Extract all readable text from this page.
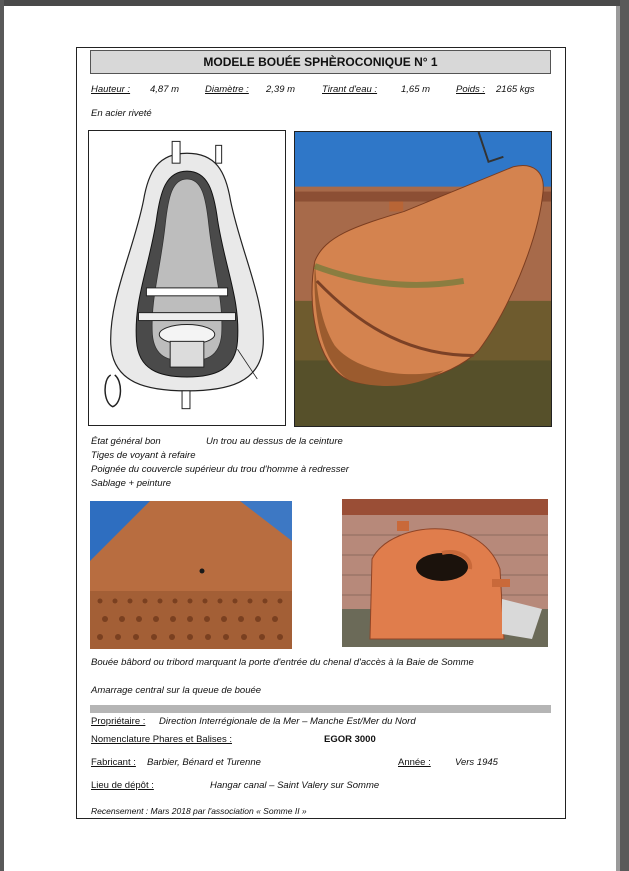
MODELE BOUÉE SPHÈROCONIQUE N° 1
Hauteur : 4,87 m	Diamètre : 2,39 m	Tirant d'eau :	1,65 m	Poids : 2165 kgs
En acier riveté
État général bon	Un trou au dessus de la ceinture
Tiges de voyant à refaire
Poignée du couvercle supérieur du trou d'homme à redresser
Sablage + peinture
Bouée bâbord ou tribord marquant la porte d'entrée du chenal d'accès à la Baie de Somme
Amarrage central sur la queue de bouée
Propriétaire : Direction Interrégionale de la Mer – Manche Est/Mer du Nord
Nomenclature Phares et Balises :	EGOR 3000
Fabricant : Barbier, Bénard et Turenne	Année :	Vers 1945
Lieu de dépôt :	Hangar canal – Saint Valery sur Somme
Recensement : Mars 2018 par l'association « Somme II »
